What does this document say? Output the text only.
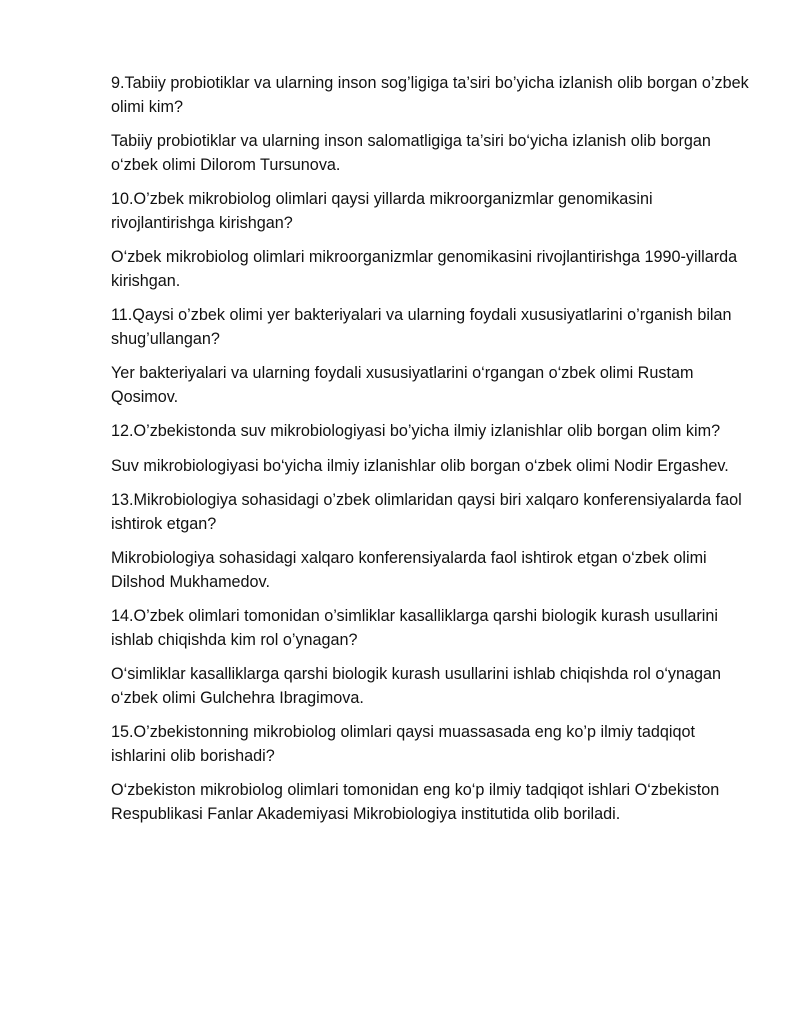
9.Tabiiy probiotiklar va ularning inson sog’ligiga ta’siri bo’yicha izlanish olib borgan o’zbek olimi kim?

Tabiiy probiotiklar va ularning inson salomatligiga ta’siri bo‘yicha izlanish olib borgan o‘zbek olimi Dilorom Tursunova.

10.O’zbek mikrobiolog olimlari qaysi yillarda mikroorganizmlar genomikasini rivojlantirishga kirishgan?

O‘zbek mikrobiolog olimlari mikroorganizmlar genomikasini rivojlantirishga 1990-yillarda kirishgan.

11.Qaysi o’zbek olimi yer bakteriyalari va ularning foydali xususiyatlarini o’rganish bilan shug’ullangan?

Yer bakteriyalari va ularning foydali xususiyatlarini o‘rgangan o‘zbek olimi Rustam Qosimov.

12.O’zbekistonda suv mikrobiologiyasi bo’yicha ilmiy izlanishlar olib borgan olim kim?

Suv mikrobiologiyasi bo‘yicha ilmiy izlanishlar olib borgan o‘zbek olimi Nodir Ergashev.

13.Mikrobiologiya sohasidagi o’zbek olimlaridan qaysi biri xalqaro konferensiyalarda faol ishtirok etgan?

Mikrobiologiya sohasidagi xalqaro konferensiyalarda faol ishtirok etgan o‘zbek olimi Dilshod Mukhamedov.

14.O’zbek olimlari tomonidan o’simliklar kasalliklarga qarshi biologik kurash usullarini ishlab chiqishda kim rol o’ynagan?

O‘simliklar kasalliklarga qarshi biologik kurash usullarini ishlab chiqishda rol o‘ynagan o‘zbek olimi Gulchehra Ibragimova.

15.O’zbekistonning mikrobiolog olimlari qaysi muassasada eng ko’p ilmiy tadqiqot ishlarini olib borishadi?

O‘zbekiston mikrobiolog olimlari tomonidan eng ko‘p ilmiy tadqiqot ishlari O‘zbekiston Respublikasi Fanlar Akademiyasi Mikrobiologiya institutida olib boriladi.
